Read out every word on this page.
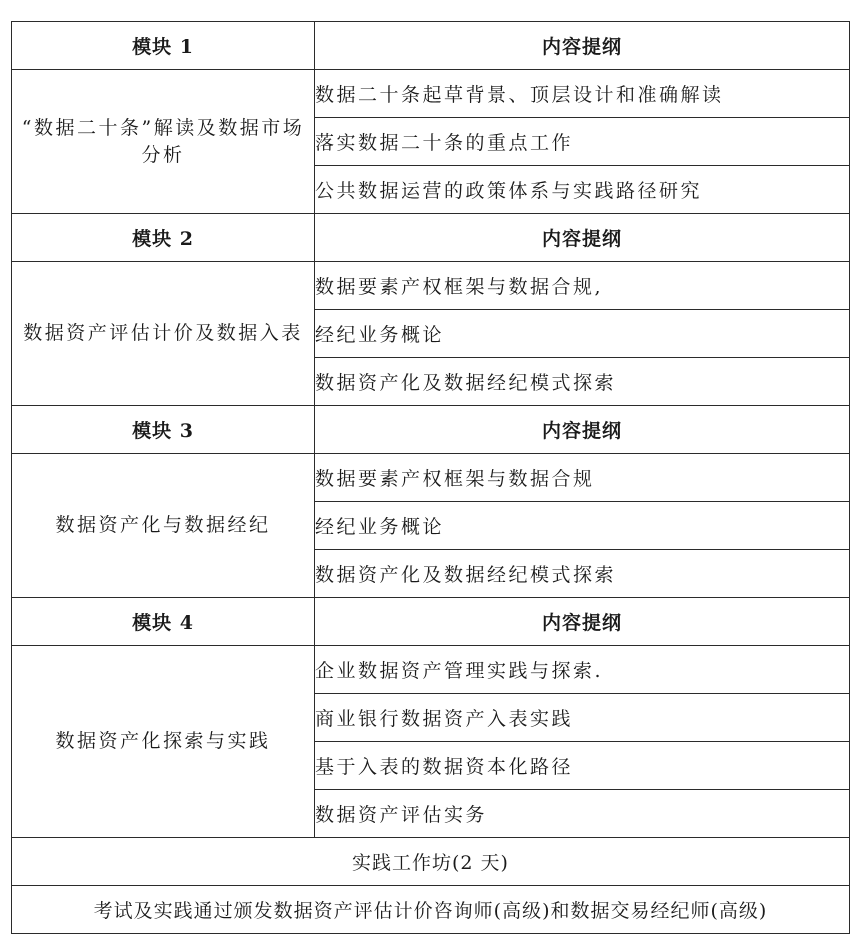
模块 1	内容提纲
“数据二十条”解读及数据市场分析	数据二十条起草背景、顶层设计和准确解读
	落实数据二十条的重点工作
	公共数据运营的政策体系与实践路径研究
模块 2	内容提纲
数据资产评估计价及数据入表	数据要素产权框架与数据合规,
	经纪业务概论
	数据资产化及数据经纪模式探索
模块 3	内容提纲
数据资产化与数据经纪	数据要素产权框架与数据合规
	经纪业务概论
	数据资产化及数据经纪模式探索
模块 4	内容提纲
数据资产化探索与实践	企业数据资产管理实践与探索.
	商业银行数据资产入表实践
	基于入表的数据资本化路径
	数据资产评估实务
实践工作坊(2 天)	
考试及实践通过颁发数据资产评估计价咨询师(高级)和数据交易经纪师(高级)	
